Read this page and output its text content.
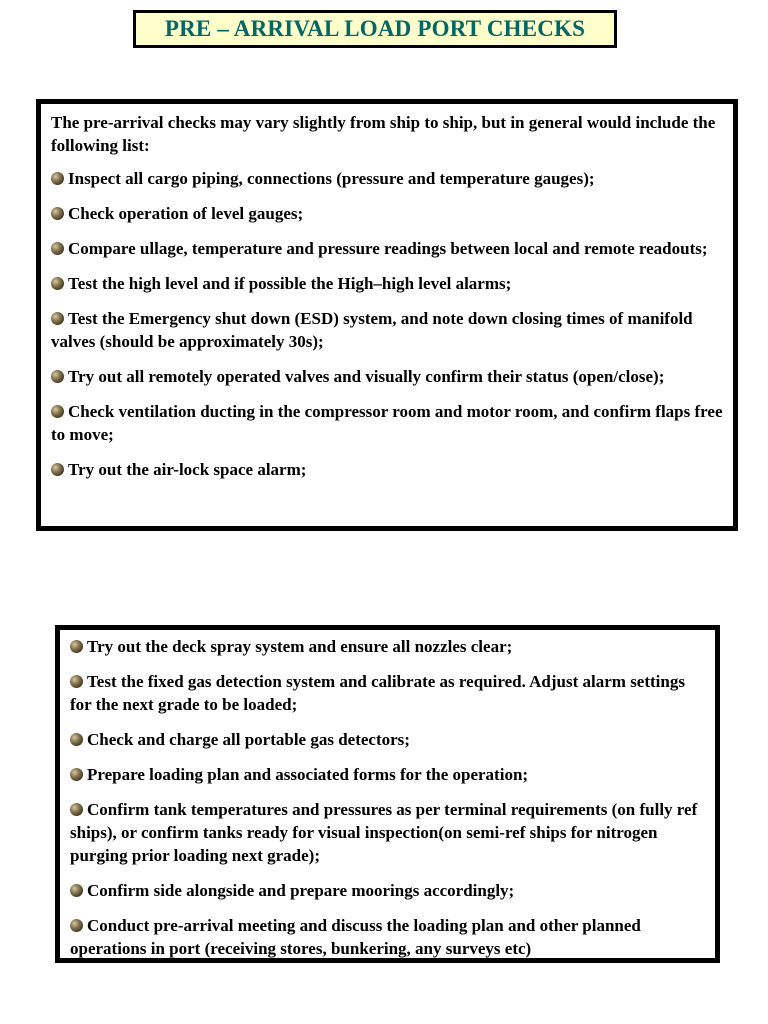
PRE – ARRIVAL LOAD PORT CHECKS

The pre-arrival checks may vary slightly from ship to ship, but in general would include the following list:

Inspect all cargo piping, connections (pressure and temperature gauges);
Check operation of level gauges;
Compare ullage, temperature and pressure readings between local and remote readouts;
Test the high level and if possible the High–high level alarms;
Test the Emergency shut down (ESD) system, and note down closing times of manifold valves (should be approximately 30s);
Try out all remotely operated valves and visually confirm their status (open/close);
Check ventilation ducting in the compressor room and motor room, and confirm flaps free to move;
Try out the air-lock space alarm;
Try out the deck spray system and ensure all nozzles clear;
Test the fixed gas detection system and calibrate as required. Adjust alarm settings for the next grade to be loaded;
Check and charge all portable gas detectors;
Prepare loading plan and associated forms for the operation;
Confirm tank temperatures and pressures as per terminal requirements (on fully ref ships), or confirm tanks ready for visual inspection(on semi-ref ships for nitrogen purging prior loading next grade);
Confirm side alongside and prepare moorings accordingly;
Conduct pre-arrival meeting and discuss the loading plan and other planned operations in port (receiving stores, bunkering, any surveys etc)
